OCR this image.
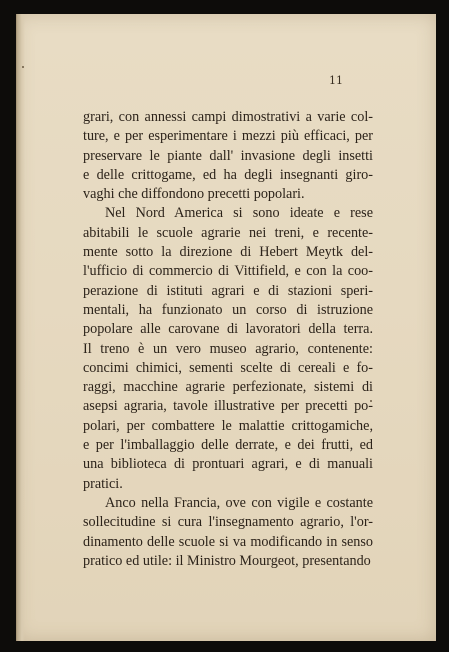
11

grari, con annessi campi dimostrativi a varie col-
ture, e per esperimentare i mezzi più efficaci, per
preservare le piante dall' invasione degli insetti
e delle crittogame, ed ha degli insegnanti giro-
vaghi che diffondono precetti popolari.

Nel Nord America si sono ideate e rese
abitabili le scuole agrarie nei treni, e recente-
mente sotto la direzione di Hebert Meytk del-
l'ufficio di commercio di Vittifield, e con la coo-
perazione di istituti agrari e di stazioni speri-
mentali, ha funzionato un corso di istruzione
popolare alle carovane di lavoratori della terra.
Il treno è un vero museo agrario, contenente:
concimi chimici, sementi scelte di cereali e fo-
raggi, macchine agrarie perfezionate, sistemi di
asepsi agraria, tavole illustrative per precetti po-
polari, per combattere le malattie crittogamiche,
e per l'imballaggio delle derrate, e dei frutti, ed
una biblioteca di prontuari agrari, e di manuali
pratici.

Anco nella Francia, ove con vigile e costante
sollecitudine si cura l'insegnamento agrario, l'or-
dinamento delle scuole si va modificando in senso
pratico ed utile: il Ministro Mourgeot, presentando
